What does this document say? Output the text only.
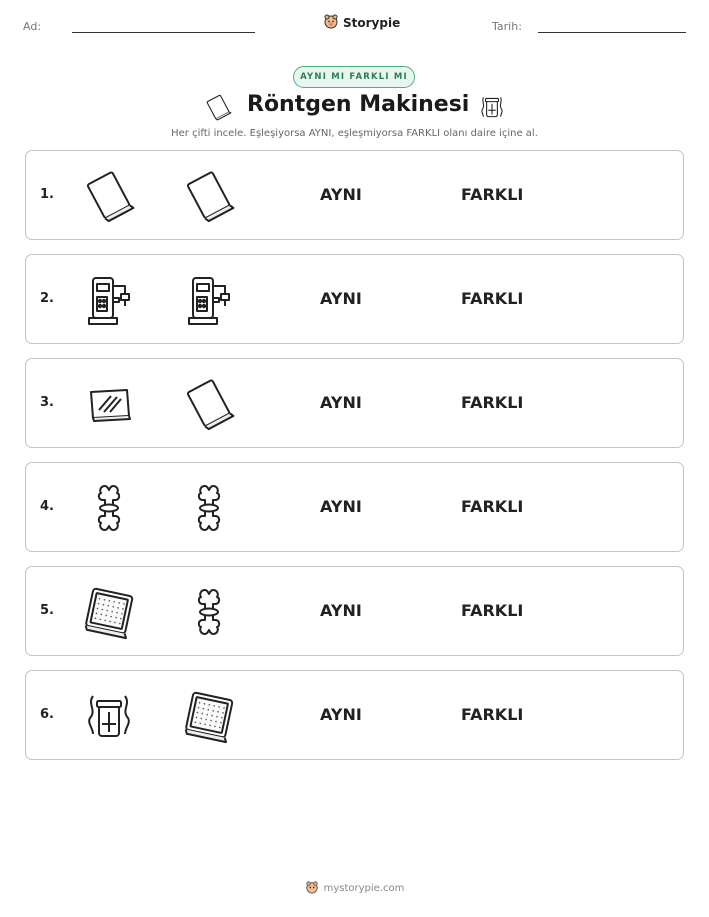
Ad:	Storypie	Tarih:
AYNI MI FARKLI MI
Röntgen Makinesi
Her çifti incele. Eşleşiyorsa AYNI, eşleşmiyorsa FARKLI olanı daire içine al.
1.	AYNI	FARKLI
2.	AYNI	FARKLI
3.	AYNI	FARKLI
4.	AYNI	FARKLI
5.	AYNI	FARKLI
6.	AYNI	FARKLI
mystorypie.com
